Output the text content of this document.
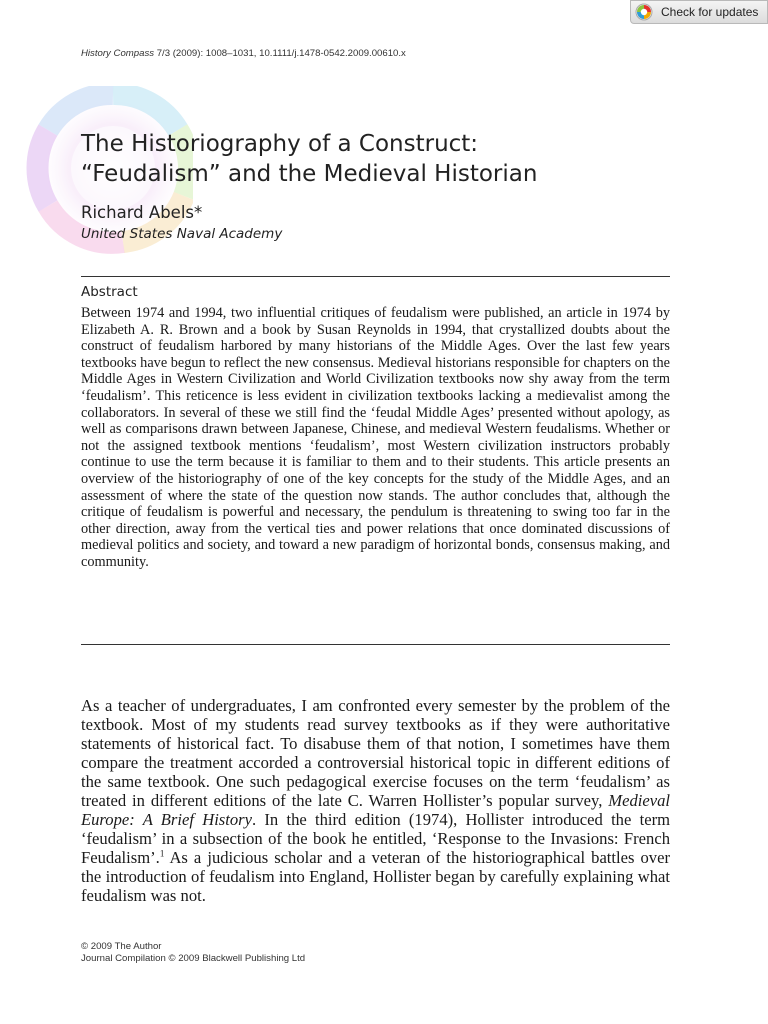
Check for updates
History Compass 7/3 (2009): 1008–1031, 10.1111/j.1478-0542.2009.00610.x
The Historiography of a Construct:
“Feudalism” and the Medieval Historian
Richard Abels*
United States Naval Academy
Abstract

Between 1974 and 1994, two influential critiques of feudalism were published, an article in 1974 by Elizabeth A. R. Brown and a book by Susan Reynolds in 1994, that crystallized doubts about the construct of feudalism harbored by many historians of the Middle Ages. Over the last few years textbooks have begun to reflect the new consensus. Medieval historians responsible for chapters on the Middle Ages in Western Civilization and World Civilization textbooks now shy away from the term ‘feudalism’. This reticence is less evident in civilization textbooks lacking a medievalist among the collaborators. In several of these we still find the ‘feudal Middle Ages’ presented without apology, as well as comparisons drawn between Japanese, Chinese, and medieval Western feudalisms. Whether or not the assigned textbook mentions ‘feudalism’, most Western civilization instructors probably continue to use the term because it is familiar to them and to their students. This article presents an overview of the historiography of one of the key concepts for the study of the Middle Ages, and an assessment of where the state of the question now stands. The author concludes that, although the critique of feudalism is powerful and necessary, the pendulum is threatening to swing too far in the other direction, away from the vertical ties and power relations that once dominated discussions of medieval politics and society, and toward a new paradigm of horizontal bonds, consensus making, and community.

As a teacher of undergraduates, I am confronted every semester by the problem of the textbook. Most of my students read survey textbooks as if they were authoritative statements of historical fact. To disabuse them of that notion, I sometimes have them compare the treatment accorded a controversial historical topic in different editions of the same textbook. One such pedagogical exercise focuses on the term ‘feudalism’ as treated in different editions of the late C. Warren Hollister’s popular survey, Medieval Europe: A Brief History. In the third edition (1974), Hollister introduced the term ‘feudalism’ in a subsection of the book he entitled, ‘Response to the Invasions: French Feudalism’.$^1$ As a judicious scholar and a veteran of the historiographical battles over the introduction of feudalism into England, Hollister began by carefully explaining what feudalism was not.

© 2009 The Author
Journal Compilation © 2009 Blackwell Publishing Ltd
